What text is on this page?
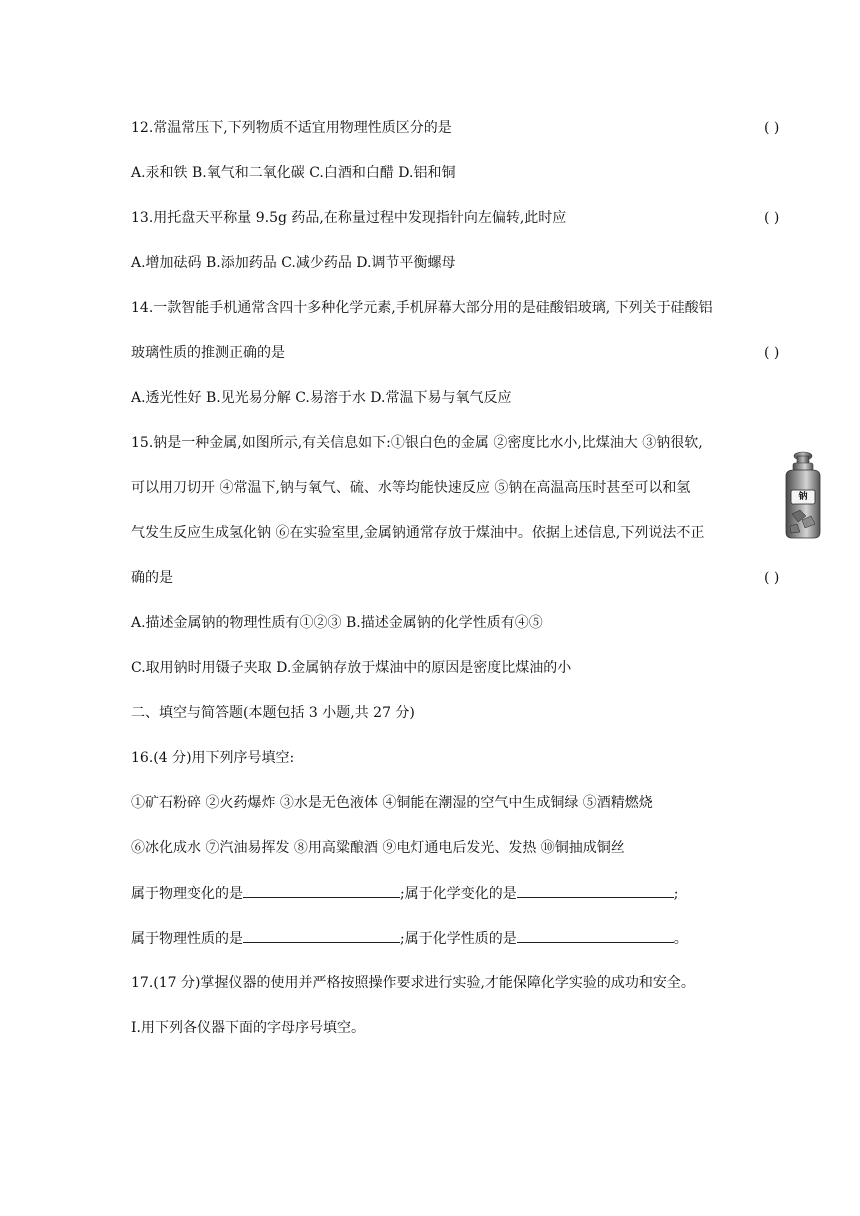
12.常温常压下,下列物质不适宜用物理性质区分的是	( )
A.汞和铁 B.氧气和二氧化碳 C.白酒和白醋 D.铝和铜
13.用托盘天平称量 9.5g 药品,在称量过程中发现指针向左偏转,此时应	( )
A.增加砝码 B.添加药品 C.减少药品 D.调节平衡螺母
14.一款智能手机通常含四十多种化学元素,手机屏幕大部分用的是硅酸铝玻璃, 下列关于硅酸铝
玻璃性质的推测正确的是	( )
A.透光性好 B.见光易分解 C.易溶于水 D.常温下易与氧气反应
15.钠是一种金属,如图所示,有关信息如下:①银白色的金属 ②密度比水小,比煤油大 ③钠很软,
可以用刀切开 ④常温下,钠与氧气、硫、水等均能快速反应 ⑤钠在高温高压时甚至可以和氢
气发生反应生成氢化钠 ⑥在实验室里,金属钠通常存放于煤油中。依据上述信息,下列说法不正
确的是	( )
A.描述金属钠的物理性质有①②③ B.描述金属钠的化学性质有④⑤
C.取用钠时用镊子夹取 D.金属钠存放于煤油中的原因是密度比煤油的小
钠
二、填空与简答题(本题包括 3 小题,共 27 分)
16.(4 分)用下列序号填空:
①矿石粉碎 ②火药爆炸 ③水是无色液体 ④铜能在潮湿的空气中生成铜绿 ⑤酒精燃烧
⑥冰化成水 ⑦汽油易挥发 ⑧用高粱酿酒 ⑨电灯通电后发光、发热 ⑩铜抽成铜丝
属于物理变化的是	;属于化学变化的是	;
属于物理性质的是	;属于化学性质的是	。
17.(17 分)掌握仪器的使用并严格按照操作要求进行实验,才能保障化学实验的成功和安全。
Ⅰ.用下列各仪器下面的字母序号填空。
